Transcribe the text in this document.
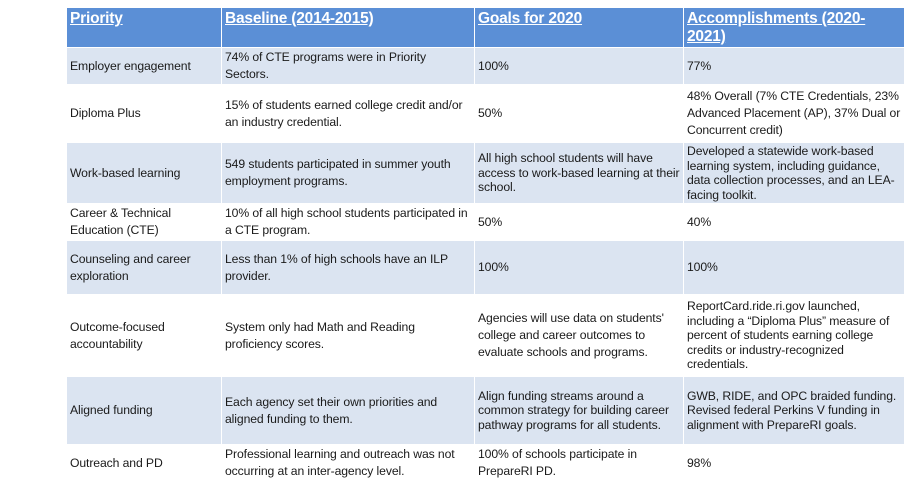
Priority	Baseline (2014-2015)	Goals for 2020	Accomplishments (2020-2021)
Employer engagement	74% of CTE programs were in Priority Sectors.	100%	77%
Diploma Plus	15% of students earned college credit and/or an industry credential.	50%	48% Overall (7% CTE Credentials, 23% Advanced Placement (AP), 37% Dual or Concurrent credit)
Work-based learning	549 students participated in summer youth employment programs.	All high school students will have access to work-based learning at their school.	Developed a statewide work-based learning system, including guidance, data collection processes, and an LEA-facing toolkit.
Career & Technical Education (CTE)	10% of all high school students participated in a CTE program.	50%	40%
Counseling and career exploration	Less than 1% of high schools have an ILP provider.	100%	100%
Outcome-focused accountability	System only had Math and Reading proficiency scores.	Agencies will use data on students' college and career outcomes to evaluate schools and programs.	ReportCard.ride.ri.gov launched, including a “Diploma Plus” measure of percent of students earning college credits or industry-recognized credentials.
Aligned funding	Each agency set their own priorities and aligned funding to them.	Align funding streams around a common strategy for building career pathway programs for all students.	GWB, RIDE, and OPC braided funding. Revised federal Perkins V funding in alignment with PrepareRI goals.
Outreach and PD	Professional learning and outreach was not occurring at an inter-agency level.	100% of schools participate in PrepareRI PD.	98%
